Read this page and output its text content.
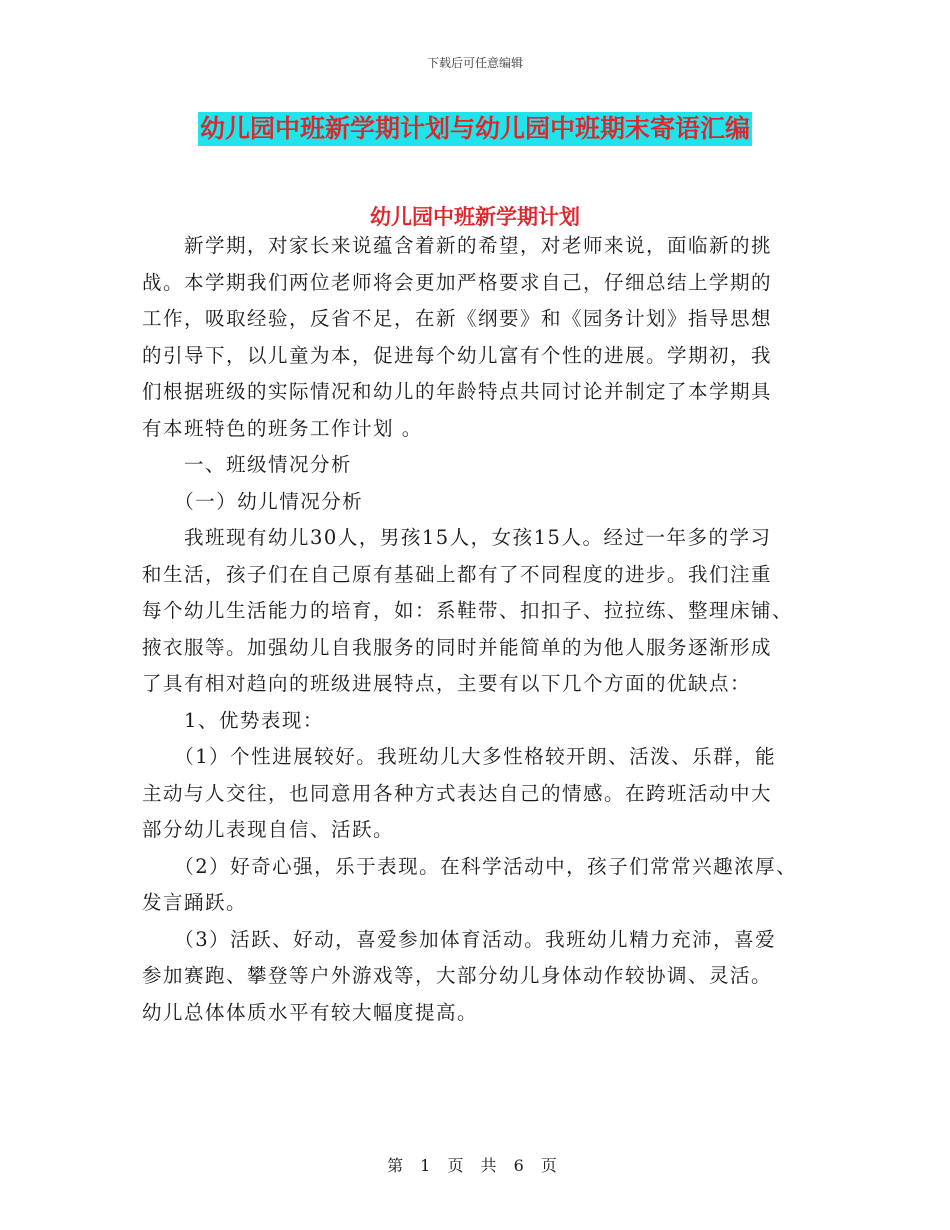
下载后可任意编辑
幼儿园中班新学期计划与幼儿园中班期末寄语汇编
幼儿园中班新学期计划
　　新学期，对家长来说蕴含着新的希望，对老师来说，面临新的挑
战。本学期我们两位老师将会更加严格要求自己，仔细总结上学期的
工作，吸取经验，反省不足，在新《纲要》和《园务计划》指导思想
的引导下，以儿童为本，促进每个幼儿富有个性的进展。学期初，我
们根据班级的实际情况和幼儿的年龄特点共同讨论并制定了本学期具
有本班特色的班务工作计划 。
　　一、班级情况分析
　　（一）幼儿情况分析
　　我班现有幼儿30人，男孩15人，女孩15人。经过一年多的学习
和生活，孩子们在自己原有基础上都有了不同程度的进步。我们注重
每个幼儿生活能力的培育，如：系鞋带、扣扣子、拉拉练、整理床铺、
掖衣服等。加强幼儿自我服务的同时并能简单的为他人服务逐渐形成
了具有相对趋向的班级进展特点，主要有以下几个方面的优缺点：
　　1、优势表现：
　　（1）个性进展较好。我班幼儿大多性格较开朗、活泼、乐群，能
主动与人交往，也同意用各种方式表达自己的情感。在跨班活动中大
部分幼儿表现自信、活跃。
　　（2）好奇心强，乐于表现。在科学活动中，孩子们常常兴趣浓厚、
发言踊跃。
　　（3）活跃、好动，喜爱参加体育活动。我班幼儿精力充沛，喜爱
参加赛跑、攀登等户外游戏等，大部分幼儿身体动作较协调、灵活。
幼儿总体体质水平有较大幅度提高。
第 1 页 共 6 页
